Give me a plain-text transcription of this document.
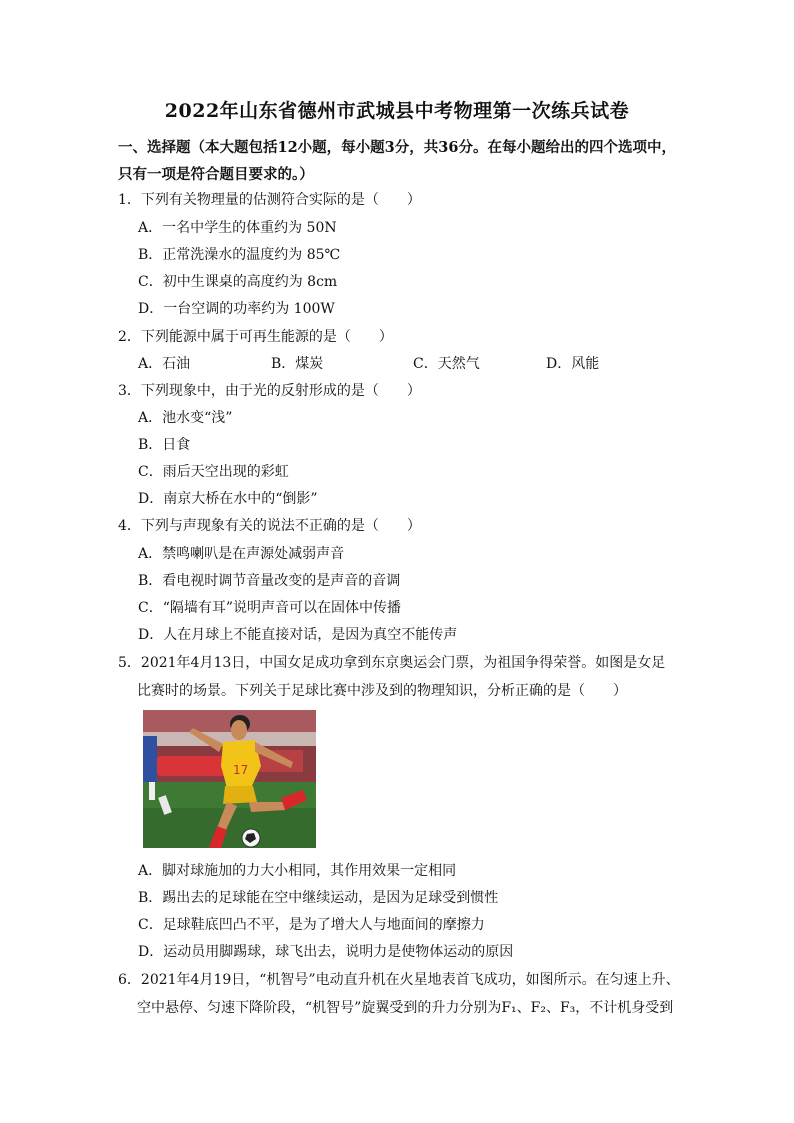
2022年山东省德州市武城县中考物理第一次练兵试卷
一、选择题（本大题包括12小题，每小题3分，共36分。在每小题给出的四个选项中，
只有一项是符合题目要求的。）
1．下列有关物理量的估测符合实际的是（　　）
A．一名中学生的体重约为 50N
B．正常洗澡水的温度约为 85℃
C．初中生课桌的高度约为 8cm
D．一台空调的功率约为 100W
2．下列能源中属于可再生能源的是（　　）
A．石油	B．煤炭	C．天然气	D．风能
3．下列现象中，由于光的反射形成的是（　　）
A．池水变“浅”
B．日食
C．雨后天空出现的彩虹
D．南京大桥在水中的“倒影”
4．下列与声现象有关的说法不正确的是（　　）
A．禁鸣喇叭是在声源处减弱声音
B．看电视时调节音量改变的是声音的音调
C．“隔墙有耳”说明声音可以在固体中传播
D．人在月球上不能直接对话，是因为真空不能传声
5．2021年4月13日，中国女足成功拿到东京奥运会门票，为祖国争得荣誉。如图是女足
比赛时的场景。下列关于足球比赛中涉及到的物理知识，分析正确的是（　　）
17
A．脚对球施加的力大小相同，其作用效果一定相同
B．踢出去的足球能在空中继续运动，是因为足球受到惯性
C．足球鞋底凹凸不平，是为了增大人与地面间的摩擦力
D．运动员用脚踢球，球飞出去，说明力是使物体运动的原因
6．2021年4月19日，“机智号”电动直升机在火星地表首飞成功，如图所示。在匀速上升、
空中悬停、匀速下降阶段，“机智号”旋翼受到的升力分别为F₁、F₂、F₃，不计机身受到
